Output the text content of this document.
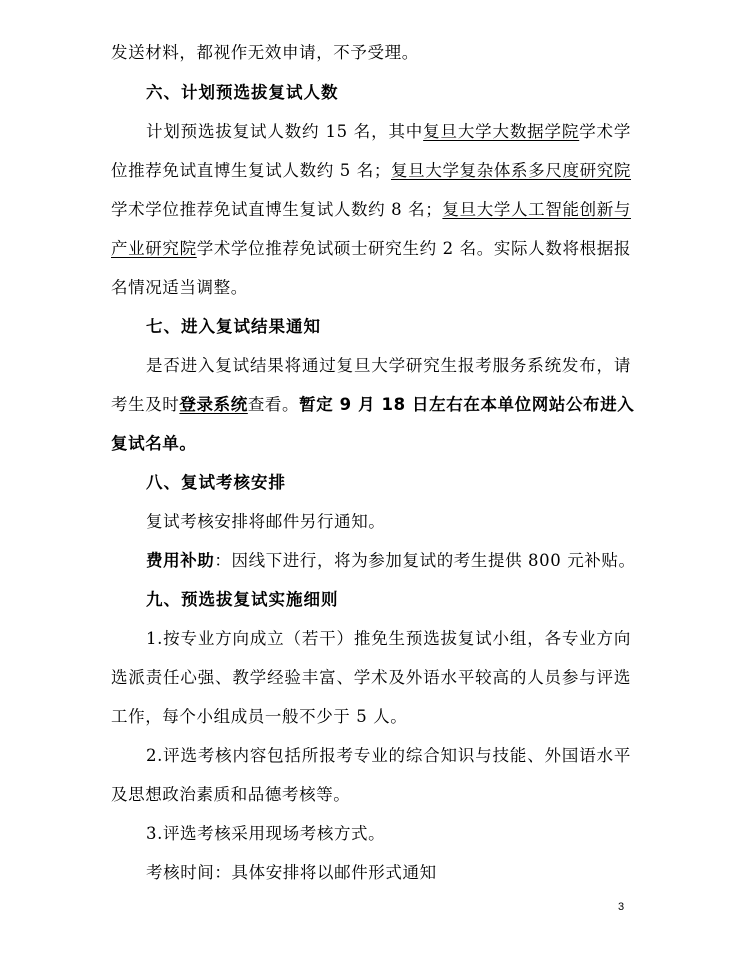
发送材料，都视作无效申请，不予受理。
六、计划预选拔复试人数
计划预选拔复试人数约 15 名，其中复旦大学大数据学院学术学
位推荐免试直博生复试人数约 5 名；复旦大学复杂体系多尺度研究院
学术学位推荐免试直博生复试人数约 8 名；复旦大学人工智能创新与
产业研究院学术学位推荐免试硕士研究生约 2 名。实际人数将根据报
名情况适当调整。
七、进入复试结果通知
是否进入复试结果将通过复旦大学研究生报考服务系统发布，请
考生及时登录系统查看。暂定 9 月 18 日左右在本单位网站公布进入
复试名单。
八、复试考核安排
复试考核安排将邮件另行通知。
费用补助：因线下进行，将为参加复试的考生提供 800 元补贴。
九、预选拔复试实施细则
1.按专业方向成立（若干）推免生预选拔复试小组，各专业方向
选派责任心强、教学经验丰富、学术及外语水平较高的人员参与评选
工作，每个小组成员一般不少于 5 人。
2.评选考核内容包括所报考专业的综合知识与技能、外国语水平
及思想政治素质和品德考核等。
3.评选考核采用现场考核方式。
考核时间：具体安排将以邮件形式通知
3
